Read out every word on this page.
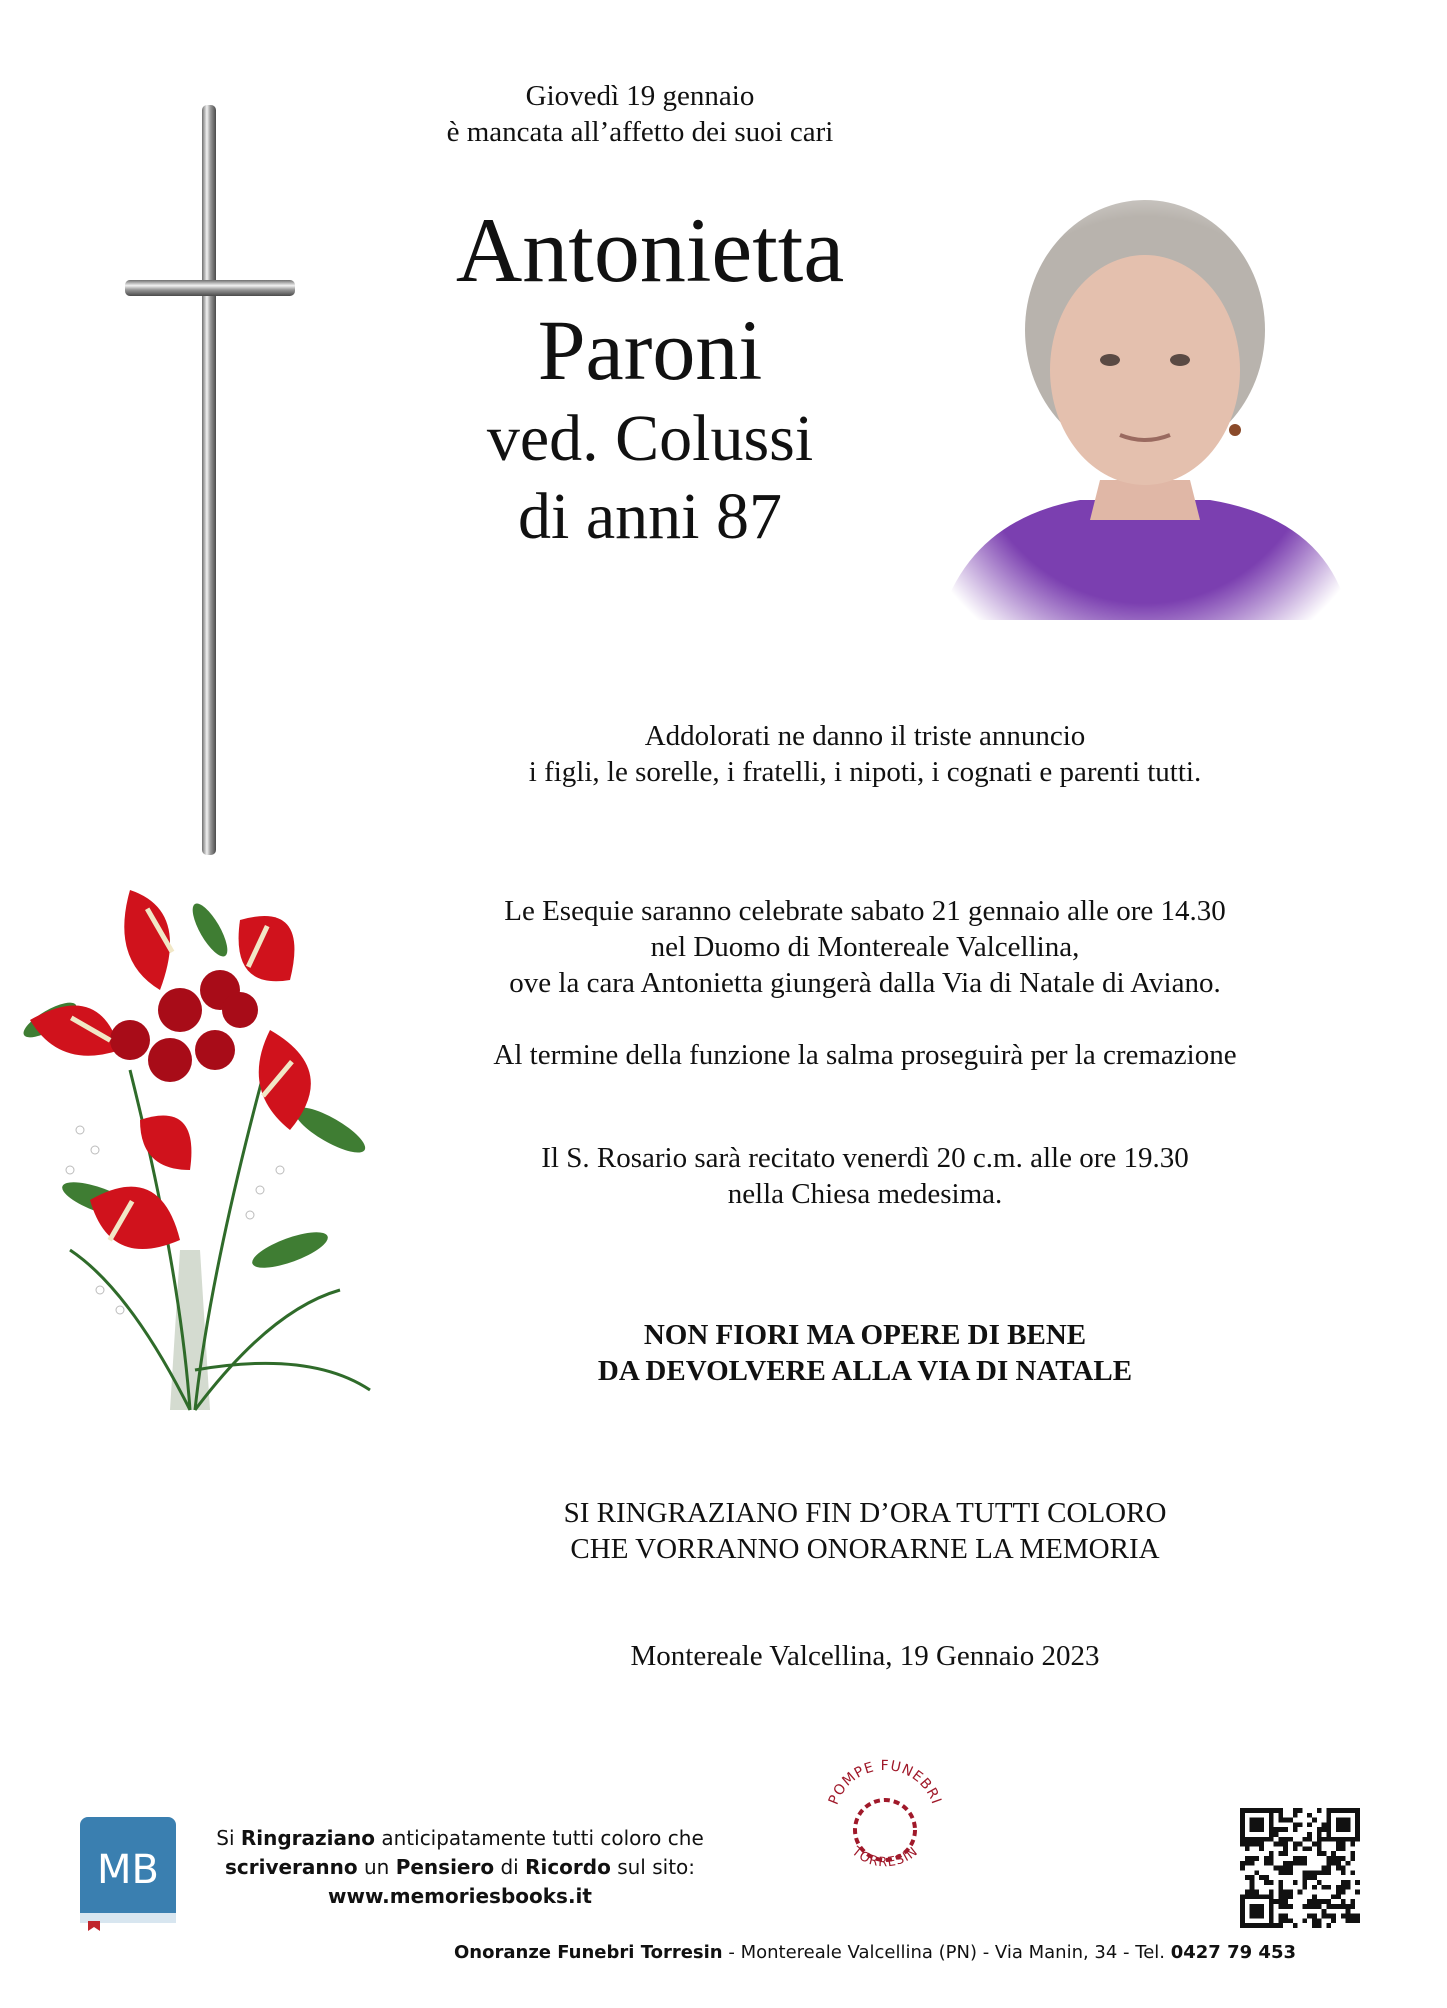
Giovedì 19 gennaio
è mancata all’affetto dei suoi cari
Antonietta
Paroni
ved. Colussi
di anni 87
Addolorati ne danno il triste annuncio
i figli, le sorelle, i fratelli, i nipoti, i cognati e parenti tutti.
Le Esequie saranno celebrate sabato 21 gennaio alle ore 14.30
nel Duomo di Montereale Valcellina,
ove la cara Antonietta giungerà dalla Via di Natale di Aviano.
Al termine della funzione la salma proseguirà per la cremazione
Il S. Rosario sarà recitato venerdì 20 c.m. alle ore 19.30
nella Chiesa medesima.
NON FIORI MA OPERE DI BENE
DA DEVOLVERE ALLA VIA DI NATALE
SI RINGRAZIANO FIN D’ORA TUTTI COLORO
CHE VORRANNO ONORARNE LA MEMORIA
Montereale Valcellina, 19 Gennaio 2023
MB
Si Ringraziano anticipatamente tutti coloro che
scriveranno un Pensiero di Ricordo sul sito:
www.memoriesbooks.it
POMPE FUNEBRI
TORRESIN
Onoranze Funebri Torresin - Montereale Valcellina (PN) - Via Manin, 34 - Tel. 0427 79 453
